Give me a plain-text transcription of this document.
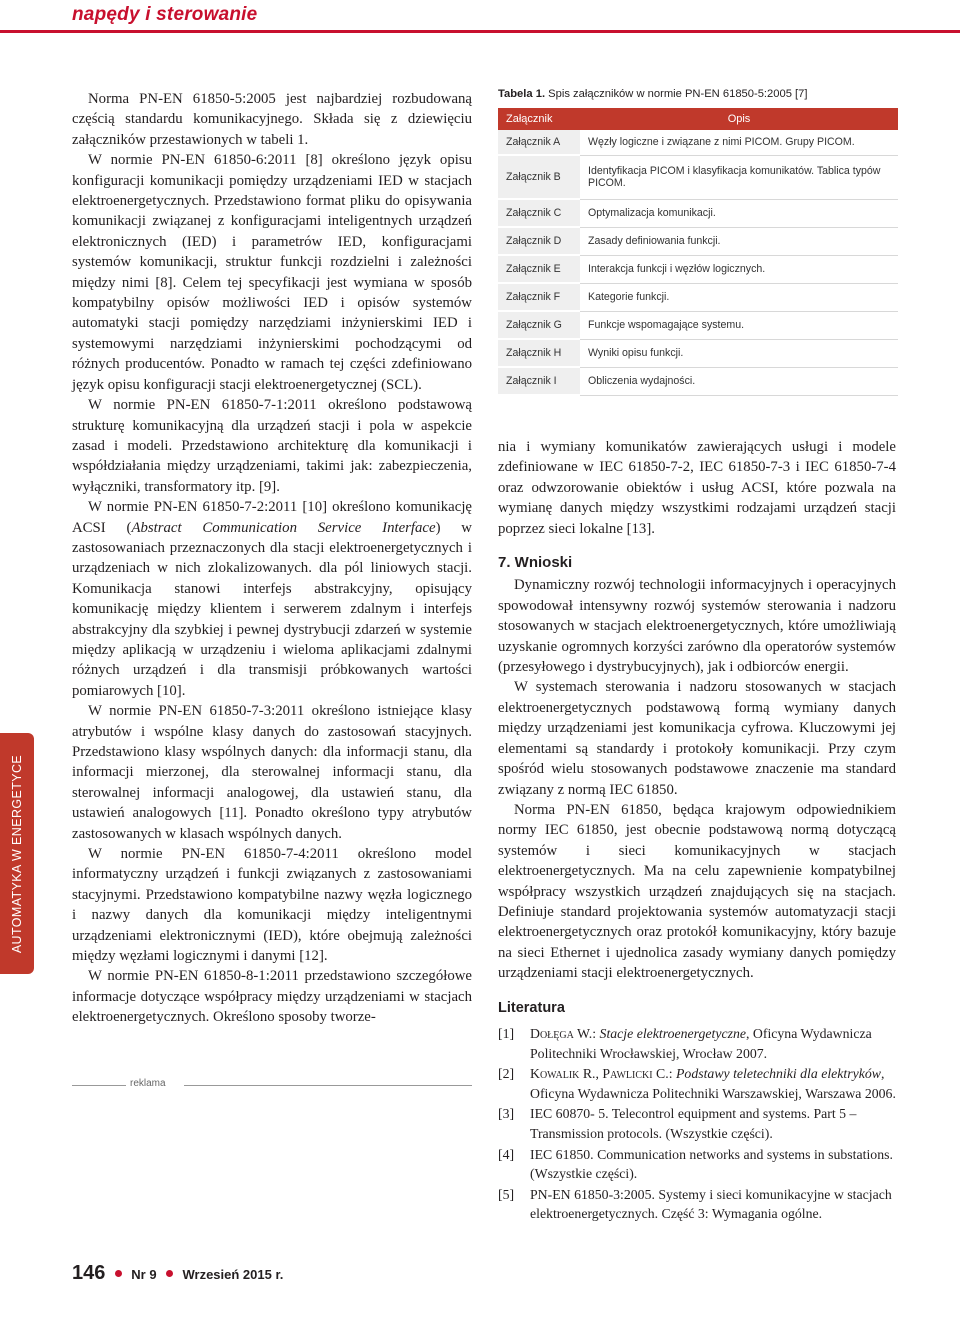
napędy i sterowanie
AUTOMATYKA W ENERGETYCE

Norma PN-EN 61850-5:2005 jest najbardziej rozbudowaną częścią standardu komunikacyjnego. Składa się z dziewięciu załączników przestawionych w tabeli 1.

W normie PN-EN 61850-6:2011 [8] określono język opisu konfiguracji komunikacji pomiędzy urządzeniami IED w stacjach elektroenergetycznych. Przedstawiono format pliku do opisywania komunikacji związanej z konfiguracjami inteligentnych urządzeń elektronicznych (IED) i parametrów IED, konfiguracjami systemów komunikacji, struktur funkcji rozdzielni i zależności między nimi [8]. Celem tej specyfikacji jest wymiana w sposób kompatybilny opisów możliwości IED i opisów systemów automatyki stacji pomiędzy narzędziami inżynierskimi IED i systemowymi narzędziami inżynierskimi pochodzącymi od różnych producentów. Ponadto w ramach tej części zdefiniowano język opisu konfiguracji stacji elektroenergetycznej (SCL).

W normie PN-EN 61850-7-1:2011 określono podstawową strukturę komunikacyjną dla urządzeń stacji i pola w aspekcie zasad i modeli. Przedstawiono architekturę dla komunikacji i współdziałania między urządzeniami, takimi jak: zabezpieczenia, wyłączniki, transformatory itp. [9].

W normie PN-EN 61850-7-2:2011 [10] określono komunikację ACSI (Abstract Communication Service Interface) w zastosowaniach przeznaczonych dla stacji elektroenergetycznych i urządzeniach w nich zlokalizowanych. dla pól liniowych stacji. Komunikacja stanowi interfejs abstrakcyjny, opisujący komunikację między klientem i serwerem zdalnym i interfejs abstrakcyjny dla szybkiej i pewnej dystrybucji zdarzeń w systemie między aplikacją w urządzeniu i wieloma aplikacjami zdalnymi różnych urządzeń i dla transmisji próbkowanych wartości pomiarowych [10].

W normie PN-EN 61850-7-3:2011 określono istniejące klasy atrybutów i wspólne klasy danych do zastosowań stacyjnych. Przedstawiono klasy wspólnych danych: dla informacji stanu, dla informacji mierzonej, dla sterowalnej informacji stanu, dla sterowalnej informacji analogowej, dla ustawień stanu, dla ustawień analogowych [11]. Ponadto określono typy atrybutów zastosowanych w klasach wspólnych danych.

W normie PN-EN 61850-7-4:2011 określono model informatyczny urządzeń i funkcji związanych z zastosowaniami stacyjnymi. Przedstawiono kompatybilne nazwy węzła logicznego i nazwy danych dla komunikacji między inteligentnymi urządzeniami elektronicznymi (IED), które obejmują zależności między węzłami logicznymi i danymi [12].

W normie PN-EN 61850-8-1:2011 przedstawiono szczegółowe informacje dotyczące współpracy między urządzeniami w stacjach elektroenergetycznych. Określono sposoby tworze-

reklama
Tabela 1. Spis załączników w normie PN-EN 61850-5:2005 [7]
Załącznik	Opis
Załącznik A	Węzły logiczne i związane z nimi PICOM. Grupy PICOM.
Załącznik B	Identyfikacja PICOM i klasyfikacja komunikatów. Tablica typów PICOM.
Załącznik C	Optymalizacja komunikacji.
Załącznik D	Zasady definiowania funkcji.
Załącznik E	Interakcja funkcji i węzłów logicznych.
Załącznik F	Kategorie funkcji.
Załącznik G	Funkcje wspomagające systemu.
Załącznik H	Wyniki opisu funkcji.
Załącznik I	Obliczenia wydajności.

nia i wymiany komunikatów zawierających usługi i modele zdefiniowane w IEC 61850-7-2, IEC 61850-7-3 i IEC 61850-7-4 oraz odwzorowanie obiektów i usług ACSI, które pozwala na wymianę danych między wszystkimi rodzajami urządzeń stacji poprzez sieci lokalne [13].

7. Wnioski

Dynamiczny rozwój technologii informacyjnych i operacyjnych spowodował intensywny rozwój systemów sterowania i nadzoru stosowanych w stacjach elektroenergetycznych, które umożliwiają uzyskanie ogromnych korzyści zarówno dla operatorów systemów (przesyłowego i dystrybucyjnych), jak i odbiorców energii.

W systemach sterowania i nadzoru stosowanych w stacjach elektroenergetycznych podstawową formą wymiany danych między urządzeniami jest komunikacja cyfrowa. Kluczowymi jej elementami są standardy i protokoły komunikacji. Przy czym spośród wielu stosowanych podstawowe znaczenie ma standard związany z normą IEC 61850.

Norma PN-EN 61850, będąca krajowym odpowiednikiem normy IEC 61850, jest obecnie podstawową normą dotyczącą systemów i sieci komunikacyjnych w stacjach elektroenergetycznych. Ma na celu zapewnienie kompatybilnej współpracy wszystkich urządzeń znajdujących się na stacjach. Definiuje standard projektowania systemów automatyzacji stacji elektroenergetycznych oraz protokół komunikacyjny, który bazuje na sieci Ethernet i ujednolica zasady wymiany danych pomiędzy urządzeniami stacji elektroenergetycznych.

Literatura
[1]	Dołęga W.: Stacje elektroenergetyczne, Oficyna Wydawnicza Politechniki Wrocławskiej, Wrocław 2007.
[2]	Kowalik R., Pawlicki C.: Podstawy teletechniki dla elektryków, Oficyna Wydawnicza Politechniki Warszawskiej, Warszawa 2006.
[3]	IEC 60870- 5. Telecontrol equipment and systems. Part 5 – Transmission protocols. (Wszystkie części).
[4]	IEC 61850. Communication networks and systems in substations. (Wszystkie części).
[5]	PN-EN 61850-3:2005. Systemy i sieci komunikacyjne w stacjach elektroenergetycznych. Część 3: Wymagania ogólne.
146 Nr 9 Wrzesień 2015 r.
